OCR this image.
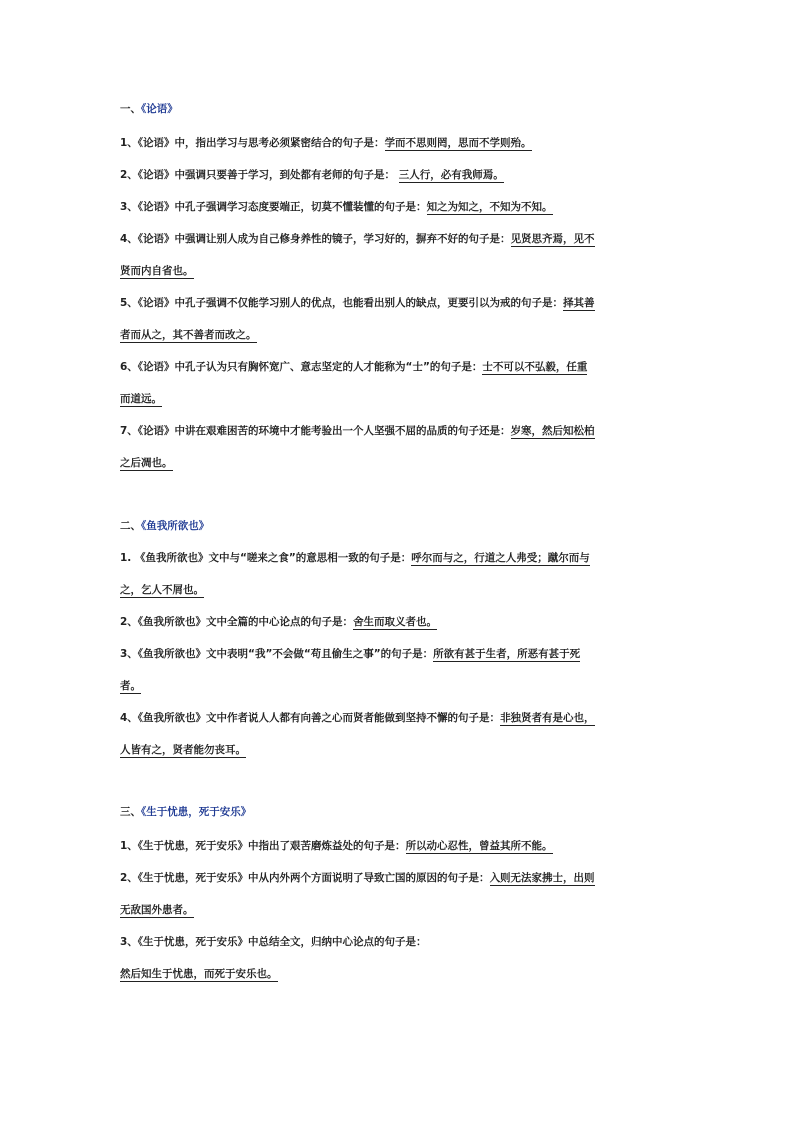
一、《论语》
1、《论语》中，指出学习与思考必须紧密结合的句子是：学而不思则罔，思而不学则殆。
2、《论语》中强调只要善于学习，到处都有老师的句子是： 三人行，必有我师焉。
3、《论语》中孔子强调学习态度要端正，切莫不懂装懂的句子是：知之为知之，不知为不知。
4、《论语》中强调让别人成为自己修身养性的镜子，学习好的，摒弃不好的句子是：见贤思齐焉，见不
贤而内自省也。
5、《论语》中孔子强调不仅能学习别人的优点，也能看出别人的缺点，更要引以为戒的句子是：择其善
者而从之，其不善者而改之。
6、《论语》中孔子认为只有胸怀宽广、意志坚定的人才能称为“士”的句子是：士不可以不弘毅，任重
而道远。
7、《论语》中讲在艰难困苦的环境中才能考验出一个人坚强不屈的品质的句子还是：岁寒，然后知松柏
之后凋也。
二、《鱼我所欲也》
1. 《鱼我所欲也》文中与“嗟来之食”的意思相一致的句子是：呼尔而与之，行道之人弗受；蹴尔而与
之，乞人不屑也。
2、《鱼我所欲也》文中全篇的中心论点的句子是：舍生而取义者也。
3、《鱼我所欲也》文中表明“我”不会做“苟且偷生之事”的句子是：所欲有甚于生者，所恶有甚于死
者。
4、《鱼我所欲也》文中作者说人人都有向善之心而贤者能做到坚持不懈的句子是：非独贤者有是心也，
人皆有之，贤者能勿丧耳。
三、《生于忧患，死于安乐》
1、《生于忧患，死于安乐》中指出了艰苦磨炼益处的句子是：所以动心忍性，曾益其所不能。
2、《生于忧患，死于安乐》中从内外两个方面说明了导致亡国的原因的句子是：入则无法家拂士，出则
无敌国外患者。
3、《生于忧患，死于安乐》中总结全文，归纳中心论点的句子是：
然后知生于忧患，而死于安乐也。
